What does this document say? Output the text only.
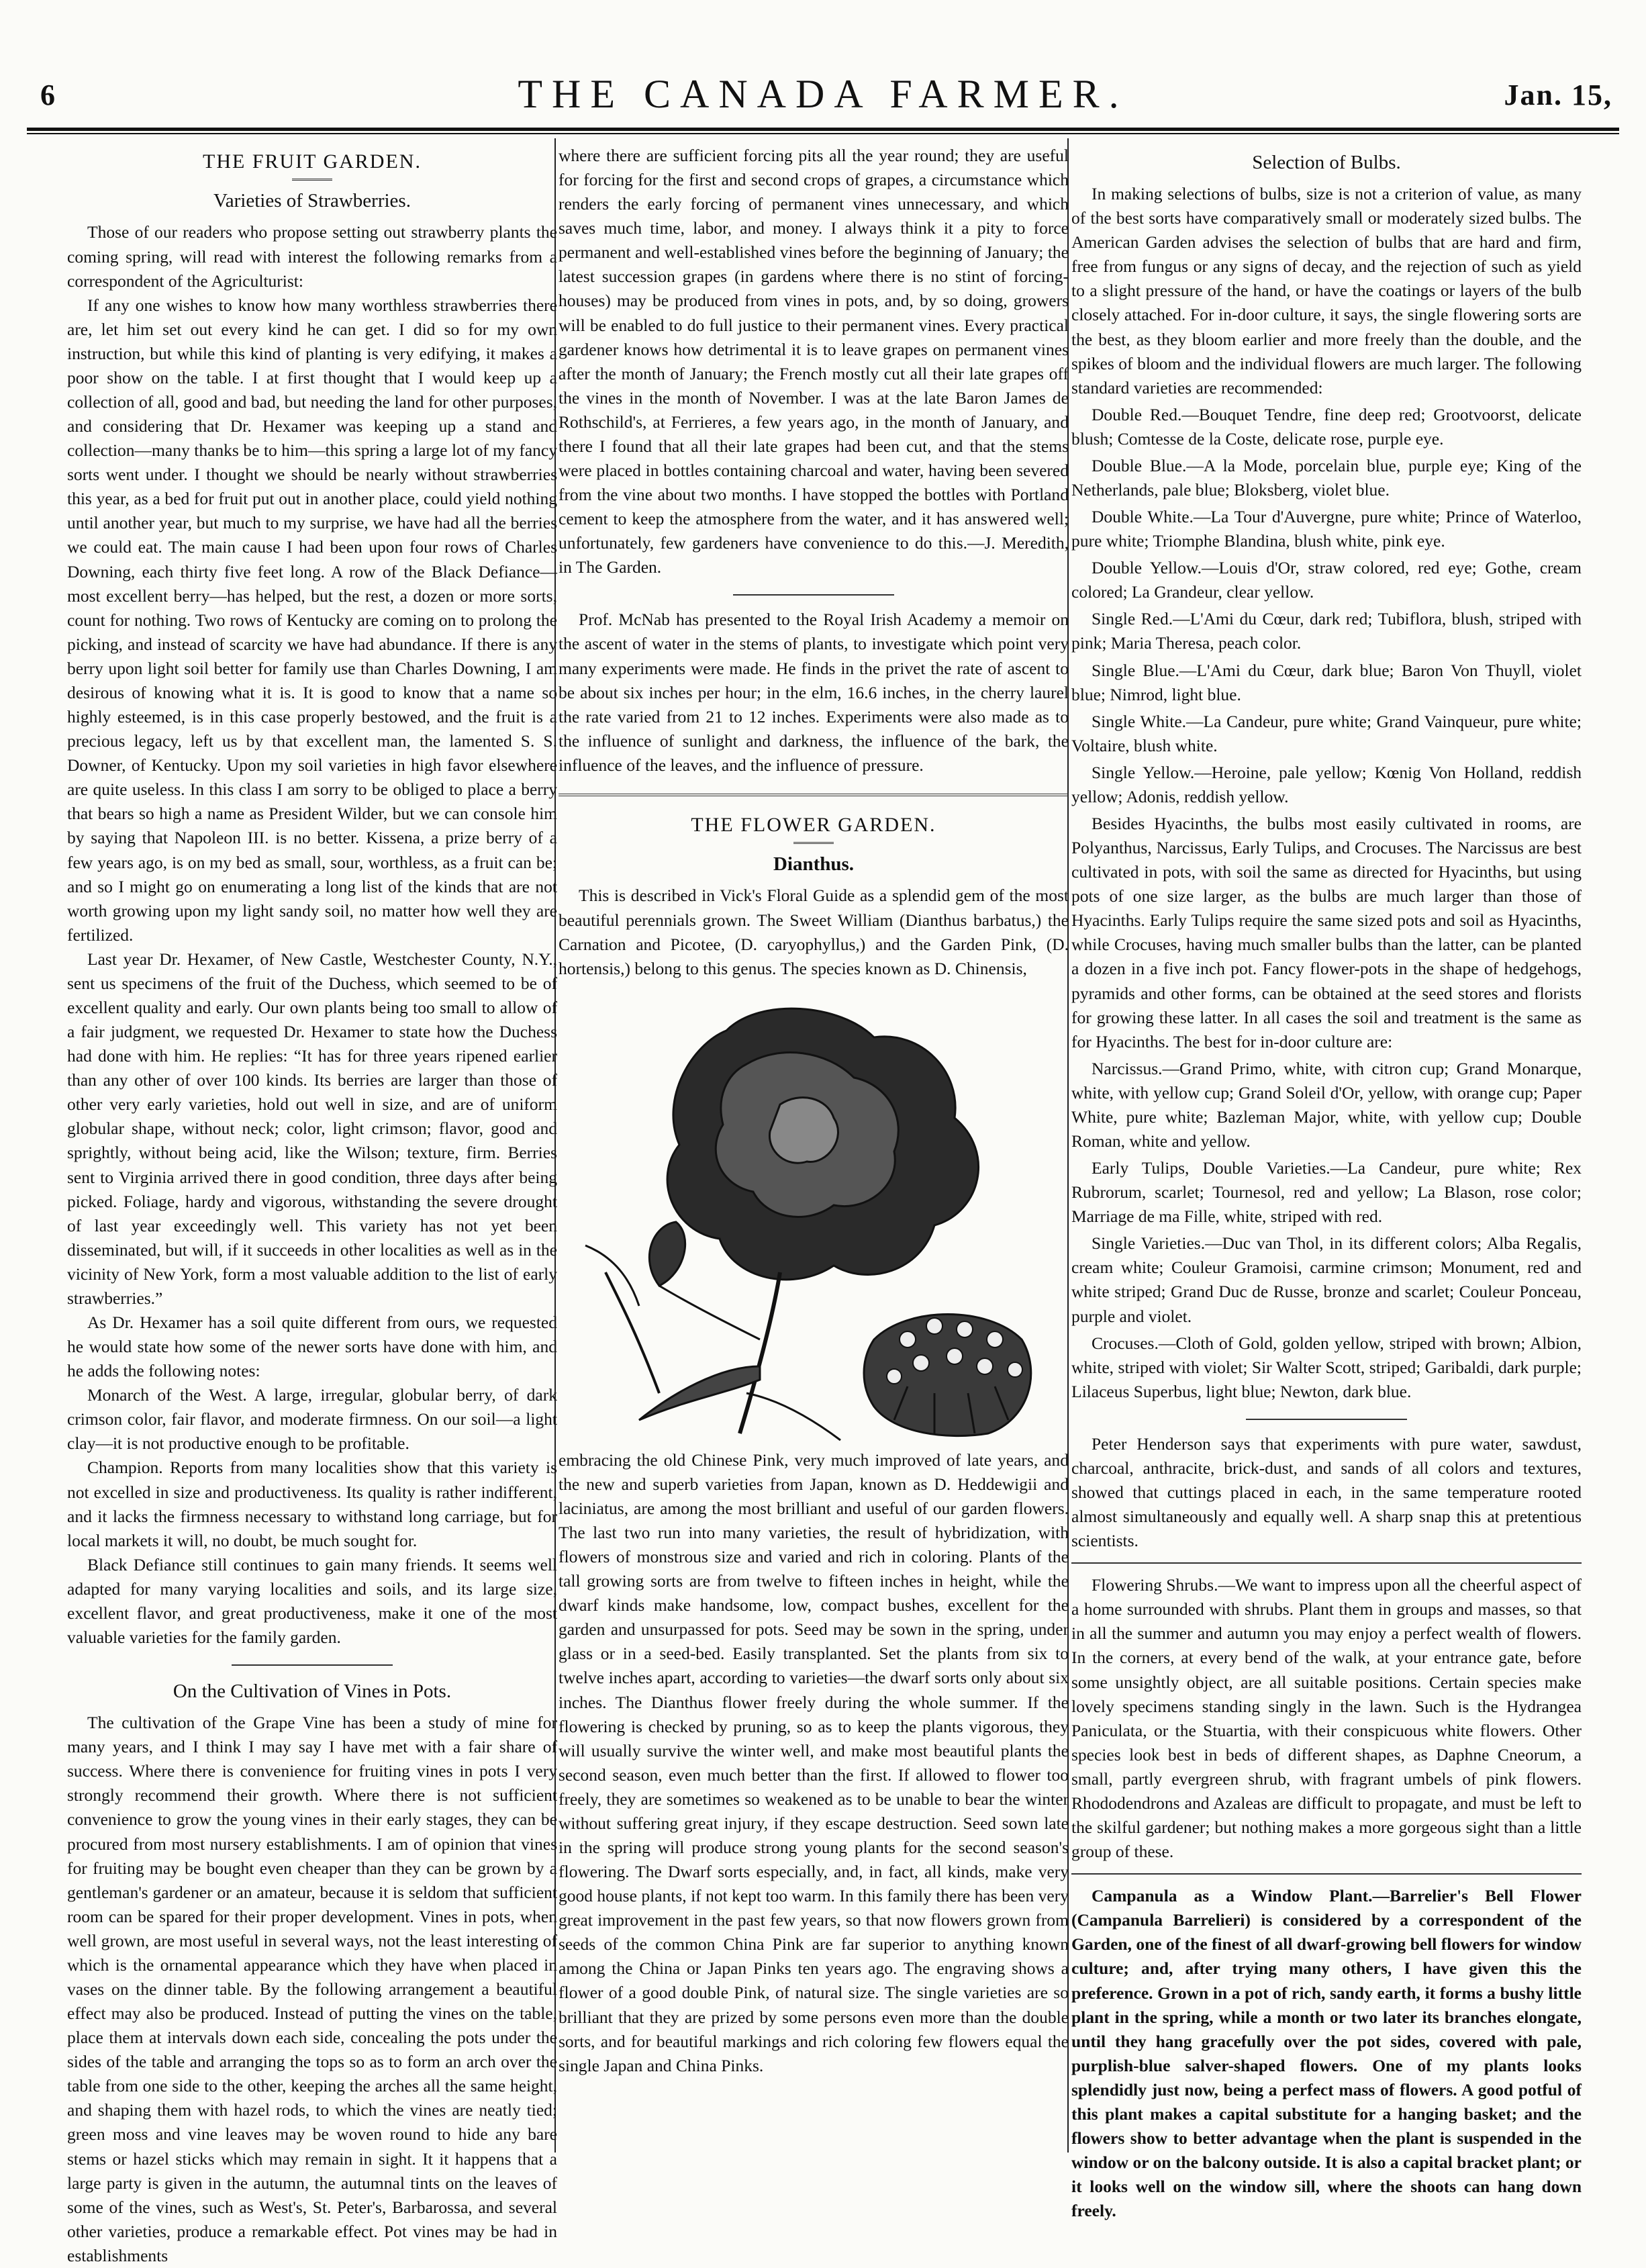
6	THE CANADA FARMER.	Jan. 15,
THE FRUIT GARDEN.
Varieties of Strawberries.

Those of our readers who propose setting out strawberry plants the coming spring, will read with interest the following remarks from a correspondent of the Agriculturist:

If any one wishes to know how many worthless strawberries there are, let him set out every kind he can get. I did so for my own instruction, but while this kind of planting is very edifying, it makes a poor show on the table. I at first thought that I would keep up a collection of all, good and bad, but needing the land for other purposes, and considering that Dr. Hexamer was keeping up a stand and collection—many thanks be to him—this spring a large lot of my fancy sorts went under. I thought we should be nearly without strawberries this year, as a bed for fruit put out in another place, could yield nothing until another year, but much to my surprise, we have had all the berries we could eat. The main cause I had been upon four rows of Charles Downing, each thirty five feet long. A row of the Black Defiance—most excellent berry—has helped, but the rest, a dozen or more sorts, count for nothing. Two rows of Kentucky are coming on to prolong the picking, and instead of scarcity we have had abundance. If there is any berry upon light soil better for family use than Charles Downing, I am desirous of knowing what it is. It is good to know that a name so highly esteemed, is in this case properly bestowed, and the fruit is a precious legacy, left us by that excellent man, the lamented S. S. Downer, of Kentucky. Upon my soil varieties in high favor elsewhere are quite useless. In this class I am sorry to be obliged to place a berry that bears so high a name as President Wilder, but we can console him by saying that Napoleon III. is no better. Kissena, a prize berry of a few years ago, is on my bed as small, sour, worthless, as a fruit can be; and so I might go on enumerating a long list of the kinds that are not worth growing upon my light sandy soil, no matter how well they are fertilized.

Last year Dr. Hexamer, of New Castle, Westchester County, N.Y., sent us specimens of the fruit of the Duchess, which seemed to be of excellent quality and early. Our own plants being too small to allow of a fair judgment, we requested Dr. Hexamer to state how the Duchess had done with him. He replies: “It has for three years ripened earlier than any other of over 100 kinds. Its berries are larger than those of other very early varieties, hold out well in size, and are of uniform globular shape, without neck; color, light crimson; flavor, good and sprightly, without being acid, like the Wilson; texture, firm. Berries sent to Virginia arrived there in good condition, three days after being picked. Foliage, hardy and vigorous, withstanding the severe drought of last year exceedingly well. This variety has not yet been disseminated, but will, if it succeeds in other localities as well as in the vicinity of New York, form a most valuable addition to the list of early strawberries.”

As Dr. Hexamer has a soil quite different from ours, we requested he would state how some of the newer sorts have done with him, and he adds the following notes:

Monarch of the West. A large, irregular, globular berry, of dark crimson color, fair flavor, and moderate firmness. On our soil—a light clay—it is not productive enough to be profitable.

Champion. Reports from many localities show that this variety is not excelled in size and productiveness. Its quality is rather indifferent, and it lacks the firmness necessary to withstand long carriage, but for local markets it will, no doubt, be much sought for.

Black Defiance still continues to gain many friends. It seems well adapted for many varying localities and soils, and its large size, excellent flavor, and great productiveness, make it one of the most valuable varieties for the family garden.

On the Cultivation of Vines in Pots.

The cultivation of the Grape Vine has been a study of mine for many years, and I think I may say I have met with a fair share of success. Where there is convenience for fruiting vines in pots I very strongly recommend their growth. Where there is not sufficient convenience to grow the young vines in their early stages, they can be procured from most nursery establishments. I am of opinion that vines for fruiting may be bought even cheaper than they can be grown by a gentleman's gardener or an amateur, because it is seldom that sufficient room can be spared for their proper development. Vines in pots, when well grown, are most useful in several ways, not the least interesting of which is the ornamental appearance which they have when placed in vases on the dinner table. By the following arrangement a beautiful effect may also be produced. Instead of putting the vines on the table, place them at intervals down each side, concealing the pots under the sides of the table and arranging the tops so as to form an arch over the table from one side to the other, keeping the arches all the same height, and shaping them with hazel rods, to which the vines are neatly tied; green moss and vine leaves may be woven round to hide any bare stems or hazel sticks which may remain in sight. It it happens that a large party is given in the autumn, the autumnal tints on the leaves of some of the vines, such as West's, St. Peter's, Barbarossa, and several other varieties, produce a remarkable effect. Pot vines may be had in establishments

where there are sufficient forcing pits all the year round; they are useful for forcing for the first and second crops of grapes, a circumstance which renders the early forcing of permanent vines unnecessary, and which saves much time, labor, and money. I always think it a pity to force permanent and well-established vines before the beginning of January; the latest succession grapes (in gardens where there is no stint of forcing-houses) may be produced from vines in pots, and, by so doing, growers will be enabled to do full justice to their permanent vines. Every practical gardener knows how detrimental it is to leave grapes on permanent vines after the month of January; the French mostly cut all their late grapes off the vines in the month of November. I was at the late Baron James de Rothschild's, at Ferrieres, a few years ago, in the month of January, and there I found that all their late grapes had been cut, and that the stems were placed in bottles containing charcoal and water, having been severed from the vine about two months. I have stopped the bottles with Portland cement to keep the atmosphere from the water, and it has answered well; unfortunately, few gardeners have convenience to do this.—J. Meredith, in The Garden.

Prof. McNab has presented to the Royal Irish Academy a memoir on the ascent of water in the stems of plants, to investigate which point very many experiments were made. He finds in the privet the rate of ascent to be about six inches per hour; in the elm, 16.6 inches, in the cherry laurel the rate varied from 21 to 12 inches. Experiments were also made as to the influence of sunlight and darkness, the influence of the bark, the influence of the leaves, and the influence of pressure.

THE FLOWER GARDEN.
Dianthus.

This is described in Vick's Floral Guide as a splendid gem of the most beautiful perennials grown. The Sweet William (Dianthus barbatus,) the Carnation and Picotee, (D. caryophyllus,) and the Garden Pink, (D. hortensis,) belong to this genus. The species known as D. Chinensis,

embracing the old Chinese Pink, very much improved of late years, and the new and superb varieties from Japan, known as D. Heddewigii and laciniatus, are among the most brilliant and useful of our garden flowers. The last two run into many varieties, the result of hybridization, with flowers of monstrous size and varied and rich in coloring. Plants of the tall growing sorts are from twelve to fifteen inches in height, while the dwarf kinds make handsome, low, compact bushes, excellent for the garden and unsurpassed for pots. Seed may be sown in the spring, under glass or in a seed-bed. Easily transplanted. Set the plants from six to twelve inches apart, according to varieties—the dwarf sorts only about six inches. The Dianthus flower freely during the whole summer. If the flowering is checked by pruning, so as to keep the plants vigorous, they will usually survive the winter well, and make most beautiful plants the second season, even much better than the first. If allowed to flower too freely, they are sometimes so weakened as to be unable to bear the winter without suffering great injury, if they escape destruction. Seed sown late in the spring will produce strong young plants for the second season's flowering. The Dwarf sorts especially, and, in fact, all kinds, make very good house plants, if not kept too warm. In this family there has been very great improvement in the past few years, so that now flowers grown from seeds of the common China Pink are far superior to anything known among the China or Japan Pinks ten years ago. The engraving shows a flower of a good double Pink, of natural size. The single varieties are so brilliant that they are prized by some persons even more than the double sorts, and for beautiful markings and rich coloring few flowers equal the single Japan and China Pinks.

Selection of Bulbs.

In making selections of bulbs, size is not a criterion of value, as many of the best sorts have comparatively small or moderately sized bulbs. The American Garden advises the selection of bulbs that are hard and firm, free from fungus or any signs of decay, and the rejection of such as yield to a slight pressure of the hand, or have the coatings or layers of the bulb closely attached. For in-door culture, it says, the single flowering sorts are the best, as they bloom earlier and more freely than the double, and the spikes of bloom and the individual flowers are much larger. The following standard varieties are recommended:

Double Red.—Bouquet Tendre, fine deep red; Grootvoorst, delicate blush; Comtesse de la Coste, delicate rose, purple eye.

Double Blue.—A la Mode, porcelain blue, purple eye; King of the Netherlands, pale blue; Bloksberg, violet blue.

Double White.—La Tour d'Auvergne, pure white; Prince of Waterloo, pure white; Triomphe Blandina, blush white, pink eye.

Double Yellow.—Louis d'Or, straw colored, red eye; Gothe, cream colored; La Grandeur, clear yellow.

Single Red.—L'Ami du Cœur, dark red; Tubiflora, blush, striped with pink; Maria Theresa, peach color.

Single Blue.—L'Ami du Cœur, dark blue; Baron Von Thuyll, violet blue; Nimrod, light blue.

Single White.—La Candeur, pure white; Grand Vainqueur, pure white; Voltaire, blush white.

Single Yellow.—Heroine, pale yellow; Kœnig Von Holland, reddish yellow; Adonis, reddish yellow.

Besides Hyacinths, the bulbs most easily cultivated in rooms, are Polyanthus, Narcissus, Early Tulips, and Crocuses. The Narcissus are best cultivated in pots, with soil the same as directed for Hyacinths, but using pots of one size larger, as the bulbs are much larger than those of Hyacinths. Early Tulips require the same sized pots and soil as Hyacinths, while Crocuses, having much smaller bulbs than the latter, can be planted a dozen in a five inch pot. Fancy flower-pots in the shape of hedgehogs, pyramids and other forms, can be obtained at the seed stores and florists for growing these latter. In all cases the soil and treatment is the same as for Hyacinths. The best for in-door culture are:

Narcissus.—Grand Primo, white, with citron cup; Grand Monarque, white, with yellow cup; Grand Soleil d'Or, yellow, with orange cup; Paper White, pure white; Bazleman Major, white, with yellow cup; Double Roman, white and yellow.

Early Tulips, Double Varieties.—La Candeur, pure white; Rex Rubrorum, scarlet; Tournesol, red and yellow; La Blason, rose color; Marriage de ma Fille, white, striped with red.

Single Varieties.—Duc van Thol, in its different colors; Alba Regalis, cream white; Couleur Gramoisi, carmine crimson; Monument, red and white striped; Grand Duc de Russe, bronze and scarlet; Couleur Ponceau, purple and violet.

Crocuses.—Cloth of Gold, golden yellow, striped with brown; Albion, white, striped with violet; Sir Walter Scott, striped; Garibaldi, dark purple; Lilaceus Superbus, light blue; Newton, dark blue.

Peter Henderson says that experiments with pure water, sawdust, charcoal, anthracite, brick-dust, and sands of all colors and textures, showed that cuttings placed in each, in the same temperature rooted almost simultaneously and equally well. A sharp snap this at pretentious scientists.

Flowering Shrubs.—We want to impress upon all the cheerful aspect of a home surrounded with shrubs. Plant them in groups and masses, so that in all the summer and autumn you may enjoy a perfect wealth of flowers. In the corners, at every bend of the walk, at your entrance gate, before some unsightly object, are all suitable positions. Certain species make lovely specimens standing singly in the lawn. Such is the Hydrangea Paniculata, or the Stuartia, with their conspicuous white flowers. Other species look best in beds of different shapes, as Daphne Cneorum, a small, partly evergreen shrub, with fragrant umbels of pink flowers. Rhododendrons and Azaleas are difficult to propagate, and must be left to the skilful gardener; but nothing makes a more gorgeous sight than a little group of these.

Campanula as a Window Plant.—Barrelier's Bell Flower (Campanula Barrelieri) is considered by a correspondent of the Garden, one of the finest of all dwarf-growing bell flowers for window culture; and, after trying many others, I have given this the preference. Grown in a pot of rich, sandy earth, it forms a bushy little plant in the spring, while a month or two later its branches elongate, until they hang gracefully over the pot sides, covered with pale, purplish-blue salver-shaped flowers. One of my plants looks splendidly just now, being a perfect mass of flowers. A good potful of this plant makes a capital substitute for a hanging basket; and the flowers show to better advantage when the plant is suspended in the window or on the balcony outside. It is also a capital bracket plant; or it looks well on the window sill, where the shoots can hang down freely.
